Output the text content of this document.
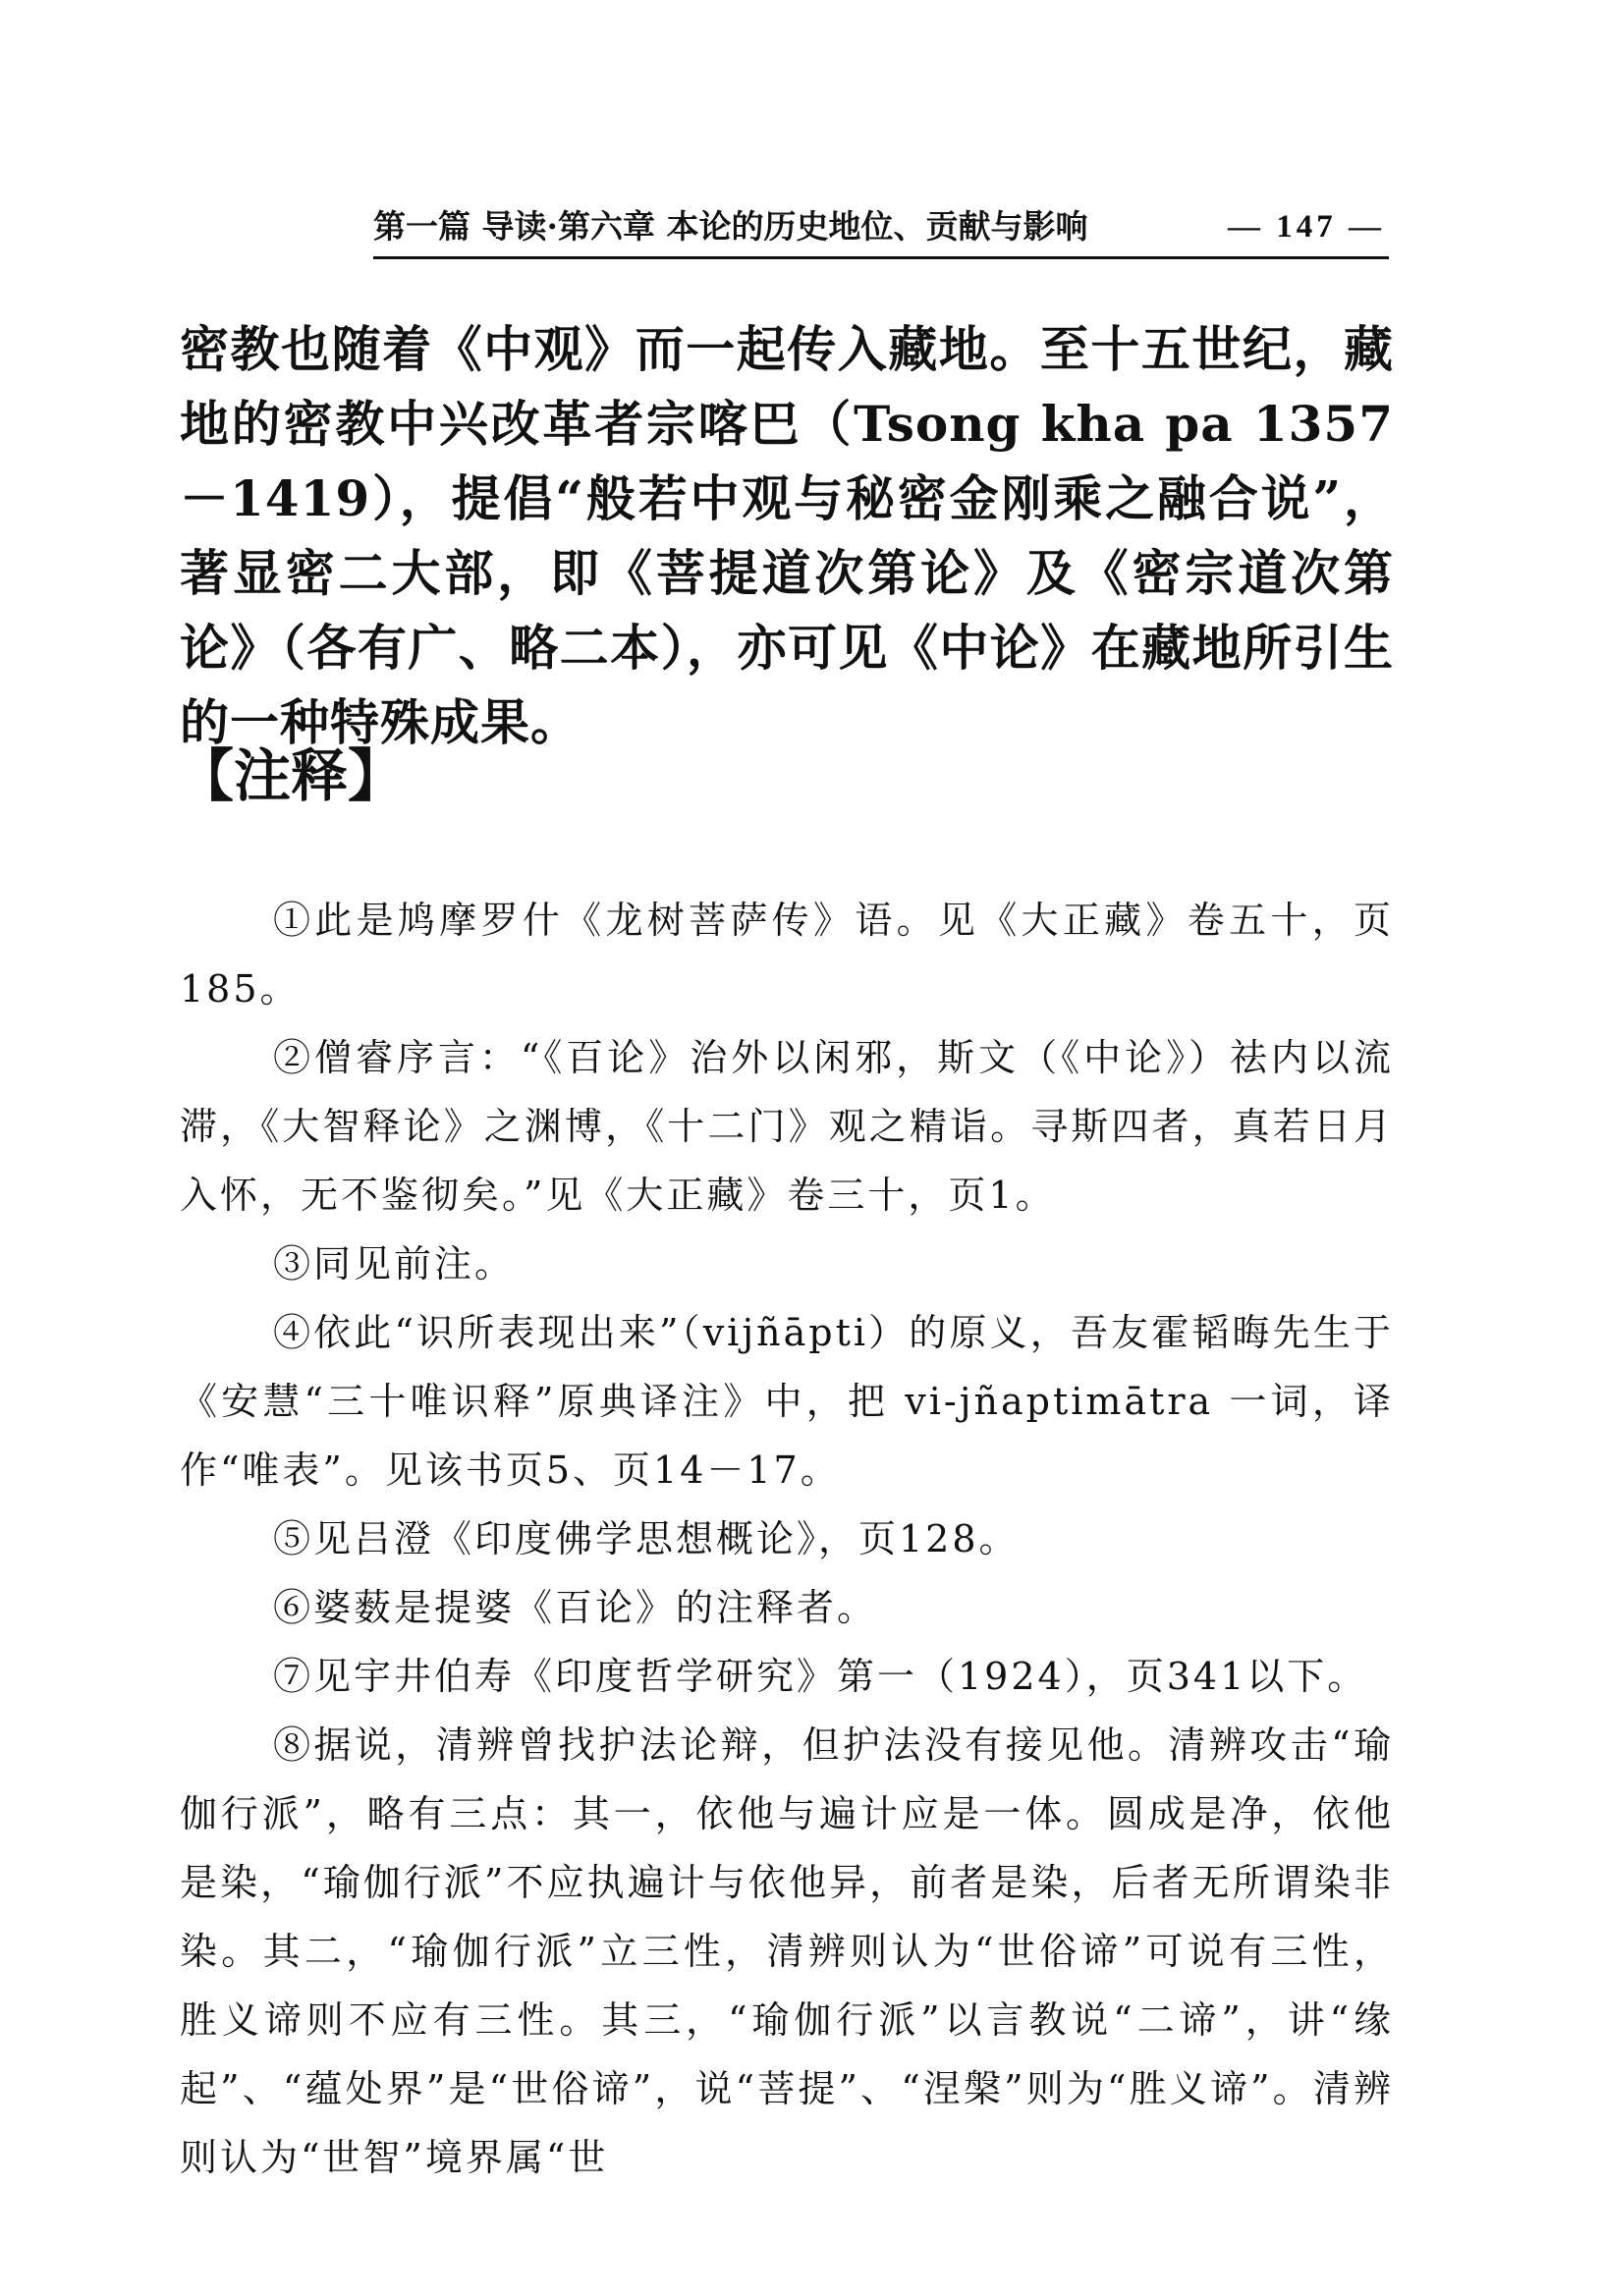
第一篇 导读·第六章 本论的历史地位、贡献与影响	— 147 —
密教也随着《中观》而一起传入藏地。至十五世纪，藏地的密教中兴改革者宗喀巴（Tsong kha pa 1357－1419），提倡“般若中观与秘密金刚乘之融合说”，著显密二大部，即《菩提道次第论》及《密宗道次第论》（各有广、略二本），亦可见《中论》在藏地所引生的一种特殊成果。
【注释】

①此是鸠摩罗什《龙树菩萨传》语。见《大正藏》卷五十，页185。

②僧睿序言：“《百论》治外以闲邪，斯文（《中论》）祛内以流滞，《大智释论》之渊博，《十二门》观之精诣。寻斯四者，真若日月入怀，无不鉴彻矣。”见《大正藏》卷三十，页1。

③同见前注。

④依此“识所表现出来”（vijñāpti）的原义，吾友霍韬晦先生于《安慧“三十唯识释”原典译注》中，把 vi-jñaptimātra 一词，译作“唯表”。见该书页5、页14－17。

⑤见吕澄《印度佛学思想概论》，页128。

⑥婆薮是提婆《百论》的注释者。

⑦见宇井伯寿《印度哲学研究》第一（1924），页341以下。

⑧据说，清辨曾找护法论辩，但护法没有接见他。清辨攻击“瑜伽行派”，略有三点：其一，依他与遍计应是一体。圆成是净，依他是染，“瑜伽行派”不应执遍计与依他异，前者是染，后者无所谓染非染。其二，“瑜伽行派”立三性，清辨则认为“世俗谛”可说有三性，胜义谛则不应有三性。其三，“瑜伽行派”以言教说“二谛”，讲“缘起”、“蕴处界”是“世俗谛”，说“菩提”、“涅槃”则为“胜义谛”。清辨则认为“世智”境界属“世
